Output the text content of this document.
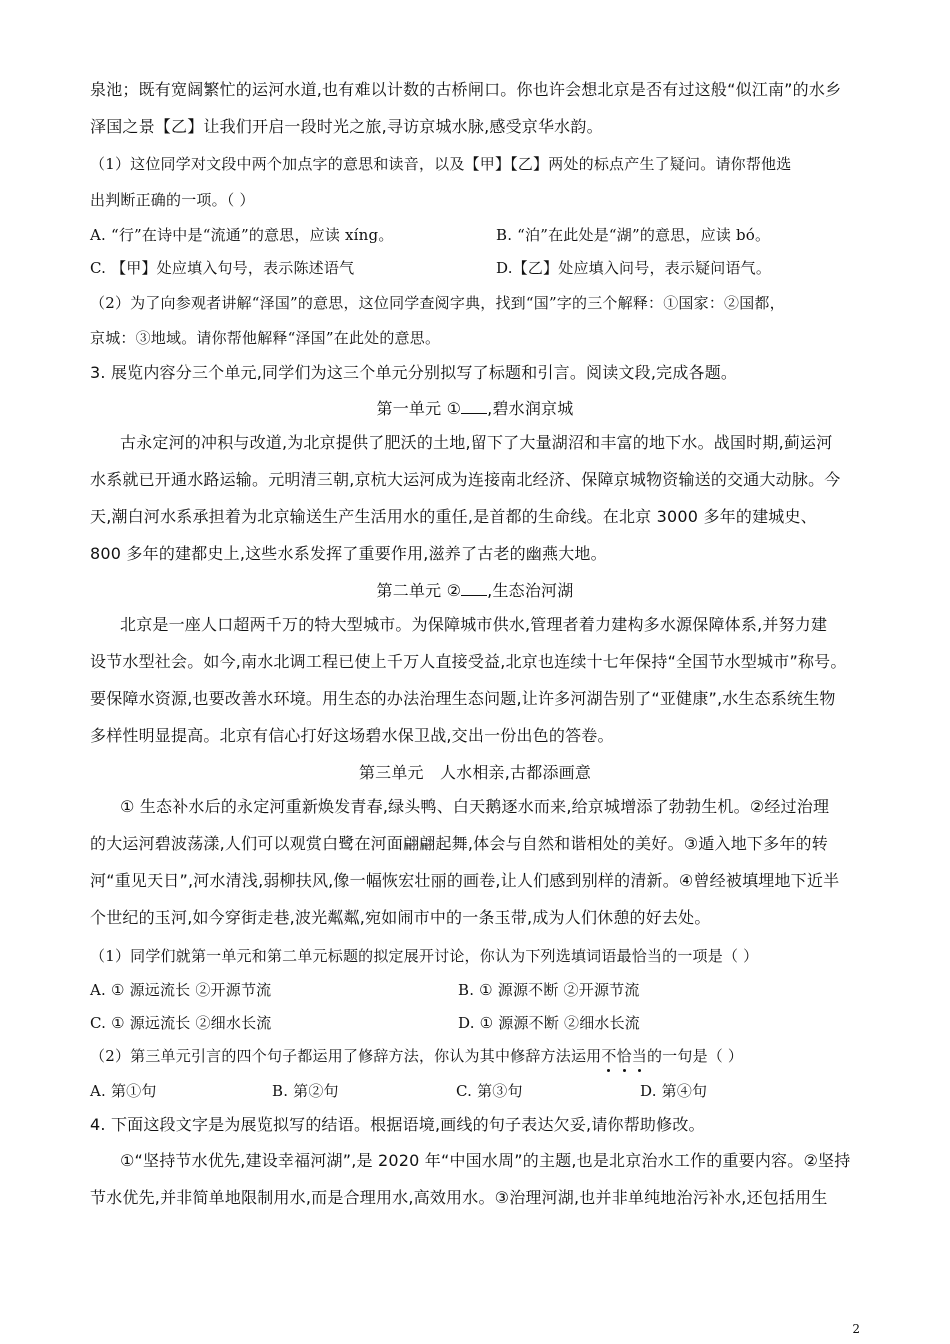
泉池；既有宽阔繁忙的运河水道,也有难以计数的古桥闸口。你也许会想北京是否有过这般“似江南”的水乡
泽国之景【乙】让我们开启一段时光之旅,寻访京城水脉,感受京华水韵。
（1）这位同学对文段中两个加点字的意思和读音，以及【甲】【乙】两处的标点产生了疑问。请你帮他选
出判断正确的一项。（ ）
A. “行”在诗中是“流通”的意思，应读 xíng。	B. “泊”在此处是“湖”的意思，应读 bó。
C. 【甲】处应填入句号，表示陈述语气	D.【乙】处应填入问号，表示疑问语气。
（2）为了向参观者讲解“泽国”的意思，这位同学查阅字典，找到“国”字的三个解释：①国家：②国都，
京城：③地域。请你帮他解释“泽国”在此处的意思。
3. 展览内容分三个单元,同学们为这三个单元分别拟写了标题和引言。阅读文段,完成各题。
第一单元 ① ,碧水润京城
古永定河的冲积与改道,为北京提供了肥沃的土地,留下了大量湖沼和丰富的地下水。战国时期,蓟运河
水系就已开通水路运输。元明清三朝,京杭大运河成为连接南北经济、保障京城物资输送的交通大动脉。今
天,潮白河水系承担着为北京输送生产生活用水的重任,是首都的生命线。在北京 3000 多年的建城史、
800 多年的建都史上,这些水系发挥了重要作用,滋养了古老的幽燕大地。
第二单元 ② ,生态治河湖
北京是一座人口超两千万的特大型城市。为保障城市供水,管理者着力建构多水源保障体系,并努力建
设节水型社会。如今,南水北调工程已使上千万人直接受益,北京也连续十七年保持“全国节水型城市”称号。
要保障水资源,也要改善水环境。用生态的办法治理生态问题,让许多河湖告别了“亚健康”,水生态系统生物
多样性明显提高。北京有信心打好这场碧水保卫战,交出一份出色的答卷。
第三单元　人水相亲,古都添画意
① 生态补水后的永定河重新焕发青春,绿头鸭、白天鹅逐水而来,给京城增添了勃勃生机。②经过治理
的大运河碧波荡漾,人们可以观赏白鹭在河面翩翩起舞,体会与自然和谐相处的美好。③遁入地下多年的转
河“重见天日”,河水清浅,弱柳扶风,像一幅恢宏壮丽的画卷,让人们感到别样的清新。④曾经被填埋地下近半
个世纪的玉河,如今穿街走巷,波光粼粼,宛如闹市中的一条玉带,成为人们休憩的好去处。
（1）同学们就第一单元和第二单元标题的拟定展开讨论，你认为下列选填词语最恰当的一项是（ ）
A. ① 源远流长 ②开源节流	B. ① 源源不断 ②开源节流
C. ① 源远流长 ②细水长流	D. ① 源源不断 ②细水长流
（2）第三单元引言的四个句子都运用了修辞方法，你认为其中修辞方法运用不恰当的一句是（ ）
A. 第①句	B. 第②句	C. 第③句	D. 第④句
4. 下面这段文字是为展览拟写的结语。根据语境,画线的句子表达欠妥,请你帮助修改。
①“坚持节水优先,建设幸福河湖”,是 2020 年“中国水周”的主题,也是北京治水工作的重要内容。②坚持
节水优先,并非简单地限制用水,而是合理用水,高效用水。③治理河湖,也并非单纯地治污补水,还包括用生
2
